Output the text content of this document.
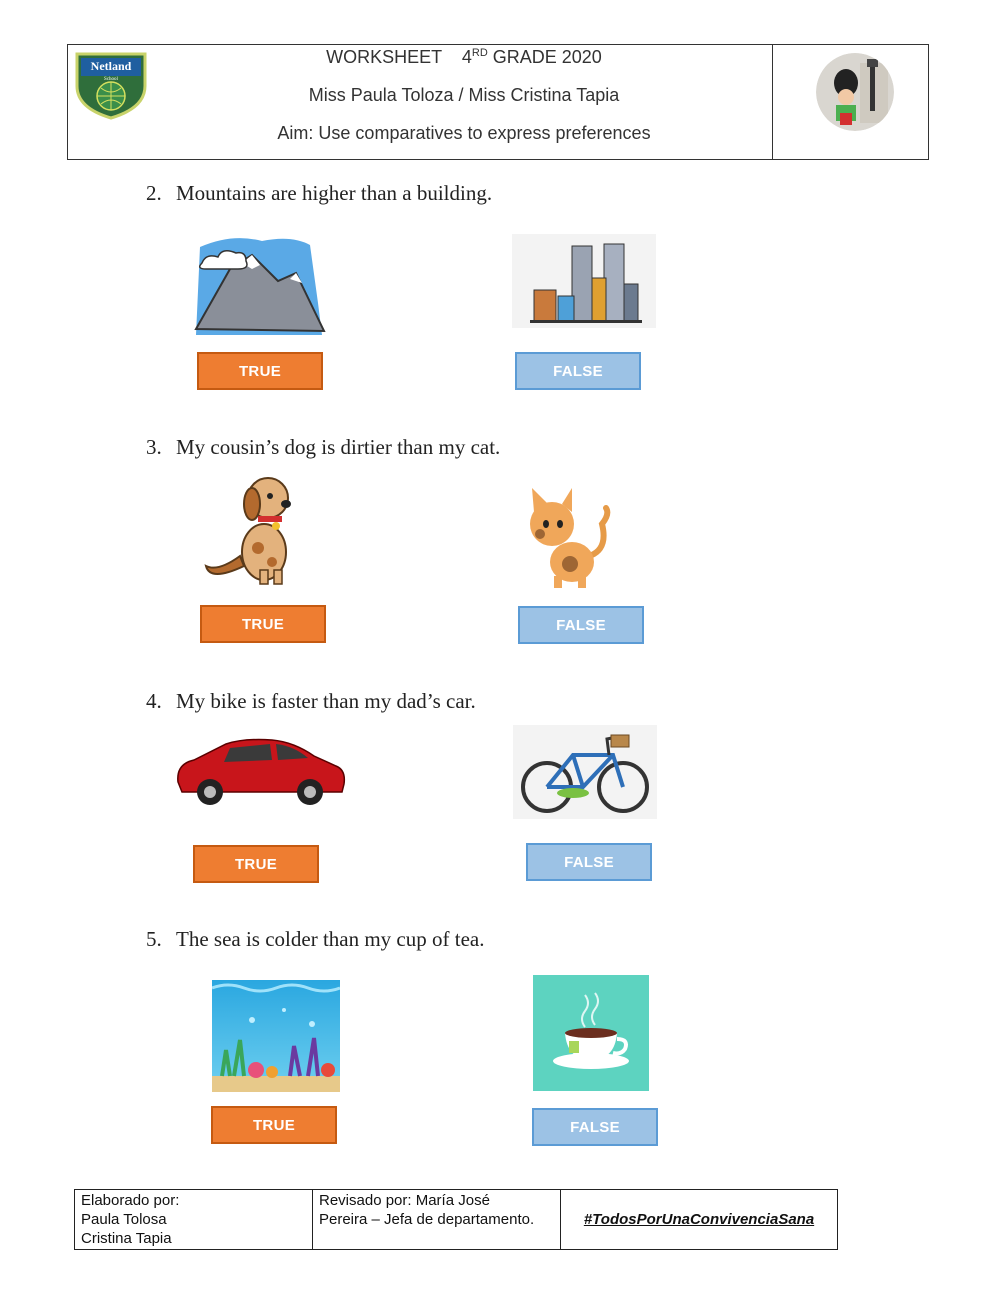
Netland
School
WORKSHEET    4RD GRADE 2020
Miss Paula Toloza / Miss Cristina Tapia
Aim: Use comparatives to express preferences
2. Mountains are higher than a building.
TRUE	FALSE
3. My cousin’s dog is dirtier than my cat.
TRUE	FALSE
4. My bike is faster than my dad’s car.
TRUE	FALSE
5. The sea is colder than my cup of tea.
TRUE	FALSE
Elaborado por:
Paula Tolosa
Cristina Tapia
Revisado por: María José
Pereira – Jefa de departamento.	#TodosPorUnaConvivenciaSana
